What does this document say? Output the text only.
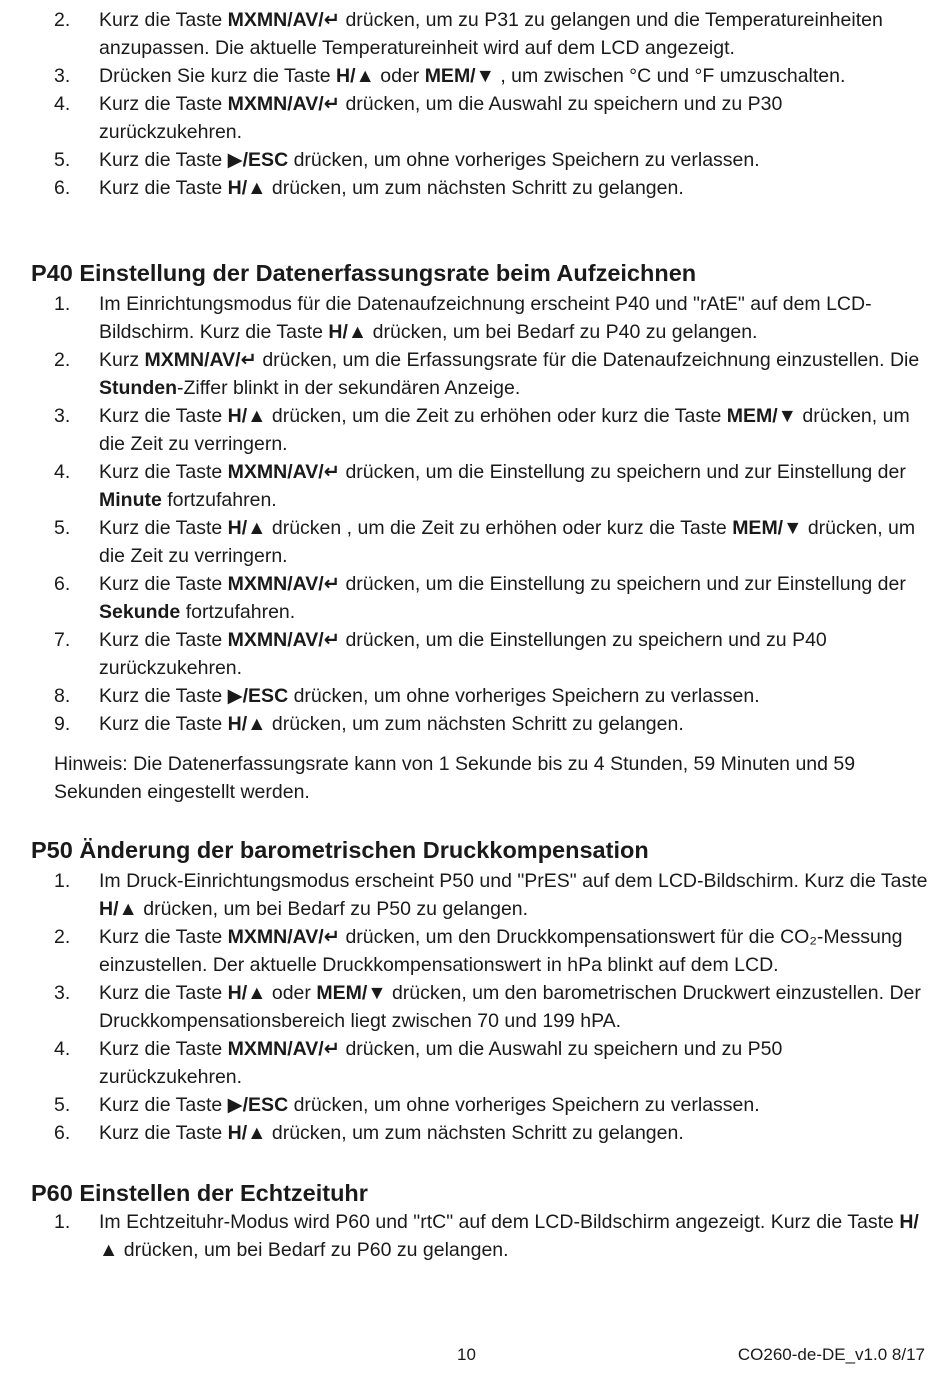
2. Kurz die Taste MXMN/AV/↵ drücken, um zu P31 zu gelangen und die Temperatureinheiten anzupassen. Die aktuelle Temperatureinheit wird auf dem LCD angezeigt.
3. Drücken Sie kurz die Taste H/▲ oder MEM/▼ , um zwischen °C und °F umzuschalten.
4. Kurz die Taste MXMN/AV/↵ drücken, um die Auswahl zu speichern und zu P30 zurückzukehren.
5. Kurz die Taste ▶/ESC drücken, um ohne vorheriges Speichern zu verlassen.
6. Kurz die Taste H/▲ drücken, um zum nächsten Schritt zu gelangen.
P40 Einstellung der Datenerfassungsrate beim Aufzeichnen
1. Im Einrichtungsmodus für die Datenaufzeichnung erscheint P40 und "rAtE" auf dem LCD-Bildschirm. Kurz die Taste H/▲ drücken, um bei Bedarf zu P40 zu gelangen.
2. Kurz MXMN/AV/↵ drücken, um die Erfassungsrate für die Datenaufzeichnung einzustellen. Die Stunden-Ziffer blinkt in der sekundären Anzeige.
3. Kurz die Taste H/▲ drücken, um die Zeit zu erhöhen oder kurz die Taste MEM/▼ drücken, um die Zeit zu verringern.
4. Kurz die Taste MXMN/AV/↵ drücken, um die Einstellung zu speichern und zur Einstellung der Minute fortzufahren.
5. Kurz die Taste H/▲ drücken , um die Zeit zu erhöhen oder kurz die Taste MEM/▼ drücken, um die Zeit zu verringern.
6. Kurz die Taste MXMN/AV/↵ drücken, um die Einstellung zu speichern und zur Einstellung der Sekunde fortzufahren.
7. Kurz die Taste MXMN/AV/↵ drücken, um die Einstellungen zu speichern und zu P40 zurückzukehren.
8. Kurz die Taste ▶/ESC drücken, um ohne vorheriges Speichern zu verlassen.
9. Kurz die Taste H/▲ drücken, um zum nächsten Schritt zu gelangen.
Hinweis: Die Datenerfassungsrate kann von 1 Sekunde bis zu 4 Stunden, 59 Minuten und 59 Sekunden eingestellt werden.
P50 Änderung der barometrischen Druckkompensation
1. Im Druck-Einrichtungsmodus erscheint P50 und "PrES" auf dem LCD-Bildschirm. Kurz die Taste H/▲ drücken, um bei Bedarf zu P50 zu gelangen.
2. Kurz die Taste MXMN/AV/↵ drücken, um den Druckkompensationswert für die CO₂-Messung einzustellen. Der aktuelle Druckkompensationswert in hPa blinkt auf dem LCD.
3. Kurz die Taste H/▲ oder MEM/▼ drücken, um den barometrischen Druckwert einzustellen. Der Druckkompensationsbereich liegt zwischen 70 und 199 hPA.
4. Kurz die Taste MXMN/AV/↵ drücken, um die Auswahl zu speichern und zu P50 zurückzukehren.
5. Kurz die Taste ▶/ESC drücken, um ohne vorheriges Speichern zu verlassen.
6. Kurz die Taste H/▲ drücken, um zum nächsten Schritt zu gelangen.
P60 Einstellen der Echtzeituhr
1. Im Echtzeituhr-Modus wird P60 und "rtC" auf dem LCD-Bildschirm angezeigt. Kurz die Taste H/▲ drücken, um bei Bedarf zu P60 zu gelangen.
10	CO260-de-DE_v1.0 8/17
